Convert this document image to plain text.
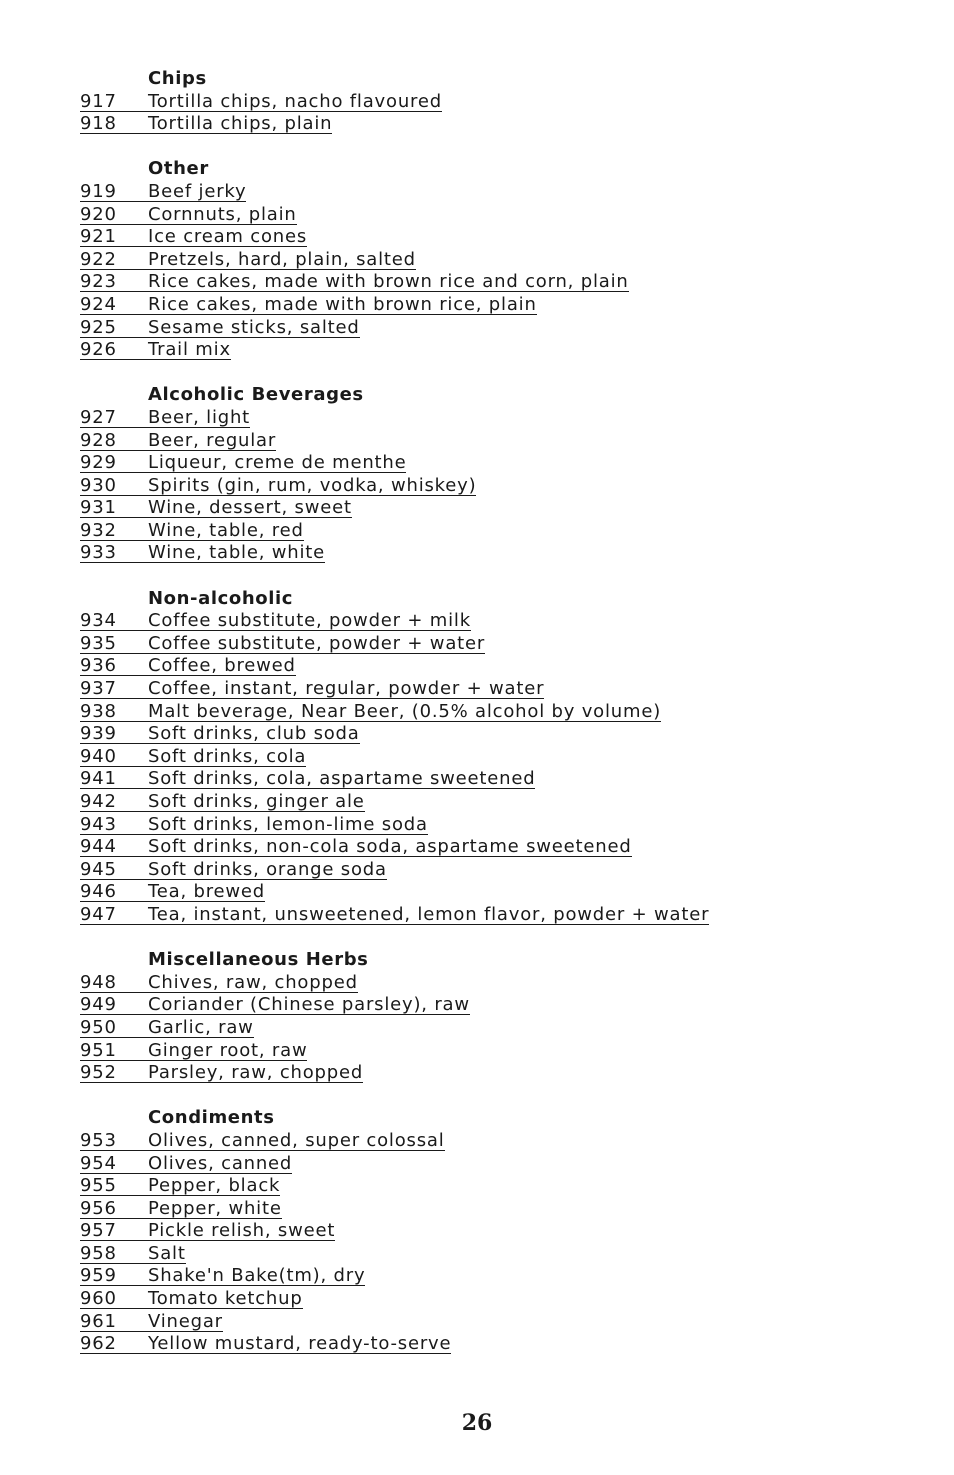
Chips
917 Tortilla chips, nacho flavoured
918 Tortilla chips, plain
Other
919 Beef jerky
920 Cornnuts, plain
921 Ice cream cones
922 Pretzels, hard, plain, salted
923 Rice cakes, made with brown rice and corn, plain
924 Rice cakes, made with brown rice, plain
925 Sesame sticks, salted
926 Trail mix
Alcoholic Beverages
927 Beer, light
928 Beer, regular
929 Liqueur, creme de menthe
930 Spirits (gin, rum, vodka, whiskey)
931 Wine, dessert, sweet
932 Wine, table, red
933 Wine, table, white
Non-alcoholic
934 Coffee substitute, powder + milk
935 Coffee substitute, powder + water
936 Coffee, brewed
937 Coffee, instant, regular, powder + water
938 Malt beverage, Near Beer, (0.5% alcohol by volume)
939 Soft drinks, club soda
940 Soft drinks, cola
941 Soft drinks, cola, aspartame sweetened
942 Soft drinks, ginger ale
943 Soft drinks, lemon-lime soda
944 Soft drinks, non-cola soda, aspartame sweetened
945 Soft drinks, orange soda
946 Tea, brewed
947 Tea, instant, unsweetened, lemon flavor, powder + water
Miscellaneous Herbs
948 Chives, raw, chopped
949 Coriander (Chinese parsley), raw
950 Garlic, raw
951 Ginger root, raw
952 Parsley, raw, chopped
Condiments
953 Olives, canned, super colossal
954 Olives, canned
955 Pepper, black
956 Pepper, white
957 Pickle relish, sweet
958 Salt
959 Shake'n Bake(tm), dry
960 Tomato ketchup
961 Vinegar
962 Yellow mustard, ready-to-serve
26
